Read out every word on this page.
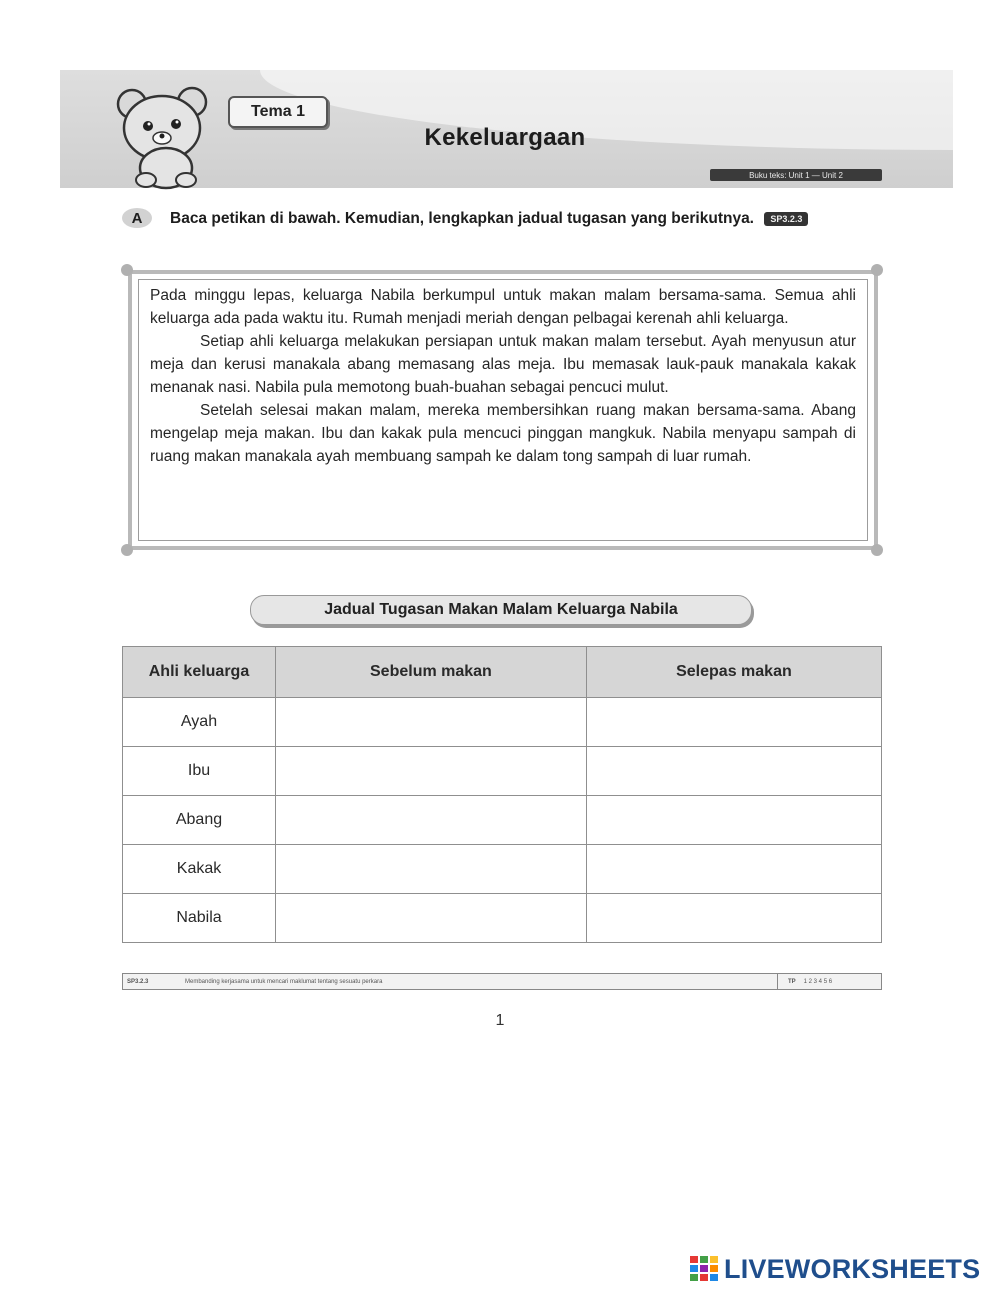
Tema 1
Kekeluargaan
Buku teks: Unit 1 — Unit 2
A	Baca petikan di bawah. Kemudian, lengkapkan jadual tugasan yang berikutnya. SP3.2.3

Pada minggu lepas, keluarga Nabila berkumpul untuk makan malam bersama-sama. Semua ahli keluarga ada pada waktu itu. Rumah menjadi meriah dengan pelbagai kerenah ahli keluarga.

Setiap ahli keluarga melakukan persiapan untuk makan malam tersebut. Ayah menyusun atur meja dan kerusi manakala abang memasang alas meja. Ibu memasak lauk-pauk manakala kakak menanak nasi. Nabila pula memotong buah-buahan sebagai pencuci mulut.

Setelah selesai makan malam, mereka membersihkan ruang makan bersama-sama. Abang mengelap meja makan. Ibu dan kakak pula mencuci pinggan mangkuk. Nabila menyapu sampah di ruang makan manakala ayah membuang sampah ke dalam tong sampah di luar rumah.

Jadual Tugasan Makan Malam Keluarga Nabila
Ahli keluarga	Sebelum makan	Selepas makan
Ayah		
Ibu		
Abang		
Kakak		
Nabila		
SP3.2.3	Membanding kerjasama untuk mencari maklumat tentang sesuatu perkara	TP 1 2 3 4 5 6
1
LIVEWORKSHEETS
